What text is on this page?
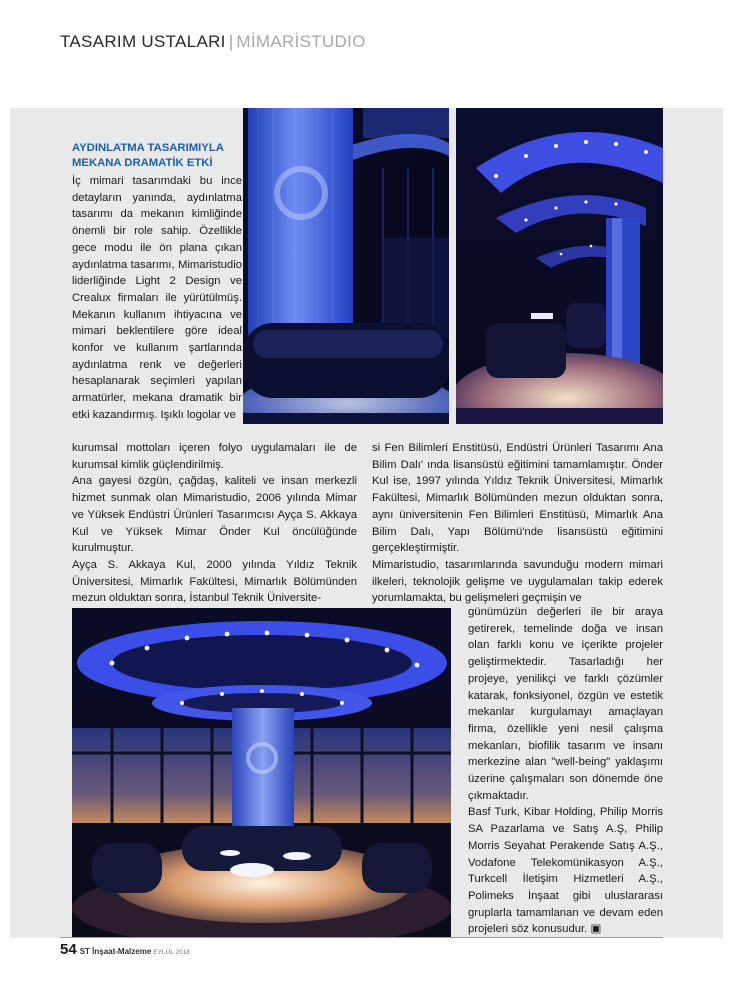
TASARIM USTALARI | MİMARİSTUDIO
AYDINLATMA TASARIMIYLA
MEKANA DRAMATİK ETKİ

İç mimari tasarımdaki bu ince detayların yanında, aydınlatma tasarımı da mekanın kimliğinde önemli bir role sahip. Özellikle gece modu ile ön plana çıkan aydınlatma tasarımı, Mimaristudio liderliğinde Light 2 Design ve Crealux firmaları ile yürütülmüş. Mekanın kullanım ihtiyacına ve mimari beklentilere göre ideal konfor ve kullanım şartlarında aydınlatma renk ve değerleri hesaplanarak seçimleri yapılan armatürler, mekana dramatik bir etki kazandırmış. Işıklı logolar ve

kurumsal mottoları içeren folyo uygulamaları ile de kurumsal kimlik güçlendirilmiş.

Ana gayesi özgün, çağdaş, kaliteli ve insan merkezli hizmet sunmak olan Mimaristudio, 2006 yılında Mimar ve Yüksek Endüstri Ürünleri Tasarımcısı Ayça S. Akkaya Kul ve Yüksek Mimar Önder Kul öncülüğünde kurulmuştur.

Ayça S. Akkaya Kul, 2000 yılında Yıldız Teknik Üniversitesi, Mimarlık Fakültesi, Mimarlık Bölümünden mezun olduktan sonra, İstanbul Teknik Üniversite-

si Fen Bilimleri Enstitüsü, Endüstri Ürünleri Tasarımı Ana Bilim Dalı' ında lisansüstü eğitimini tamamlamıştır. Önder Kul ise, 1997 yılında Yıldız Teknik Üniversitesi, Mimarlık Fakültesi, Mimarlık Bölümünden mezun olduktan sonra, aynı üniversitenin Fen Bilimleri Enstitüsü, Mimarlık Ana Bilim Dalı, Yapı Bölümü'nde lisansüstü eğitimini gerçekleştirmiştir.

Mimaristudio, tasarımlarında savunduğu modern mimari ilkeleri, teknolojik gelişme ve uygulamaları takip ederek yorumlamakta, bu gelişmeleri geçmişin ve

günümüzün değerleri ile bir araya getirerek, temelinde doğa ve insan olan farklı konu ve içerikte projeler geliştirmektedir. Tasarladığı her projeye, yenilikçi ve farklı çözümler katarak, fonksiyonel, özgün ve estetik mekanlar kurgulamayı amaçlayan firma, özellikle yeni nesil çalışma mekanları, biofilik tasarım ve insanı merkezine alan "well-being" yaklaşımı üzerine çalışmaları son dönemde öne çıkmaktadır.

Basf Turk, Kibar Holding, Philip Morris SA Pazarlama ve Satış A.Ş, Philip Morris Seyahat Perakende Satış A.Ş., Vodafone Telekomünikasyon A.Ş., Turkcell İletişim Hizmetleri A.Ş., Polimeks İnşaat gibi uluslararası gruplarla tamamlanan ve devam eden projeleri söz konusudur. ▣

54 ST İnşaat-Malzeme EYLÜL 2018
